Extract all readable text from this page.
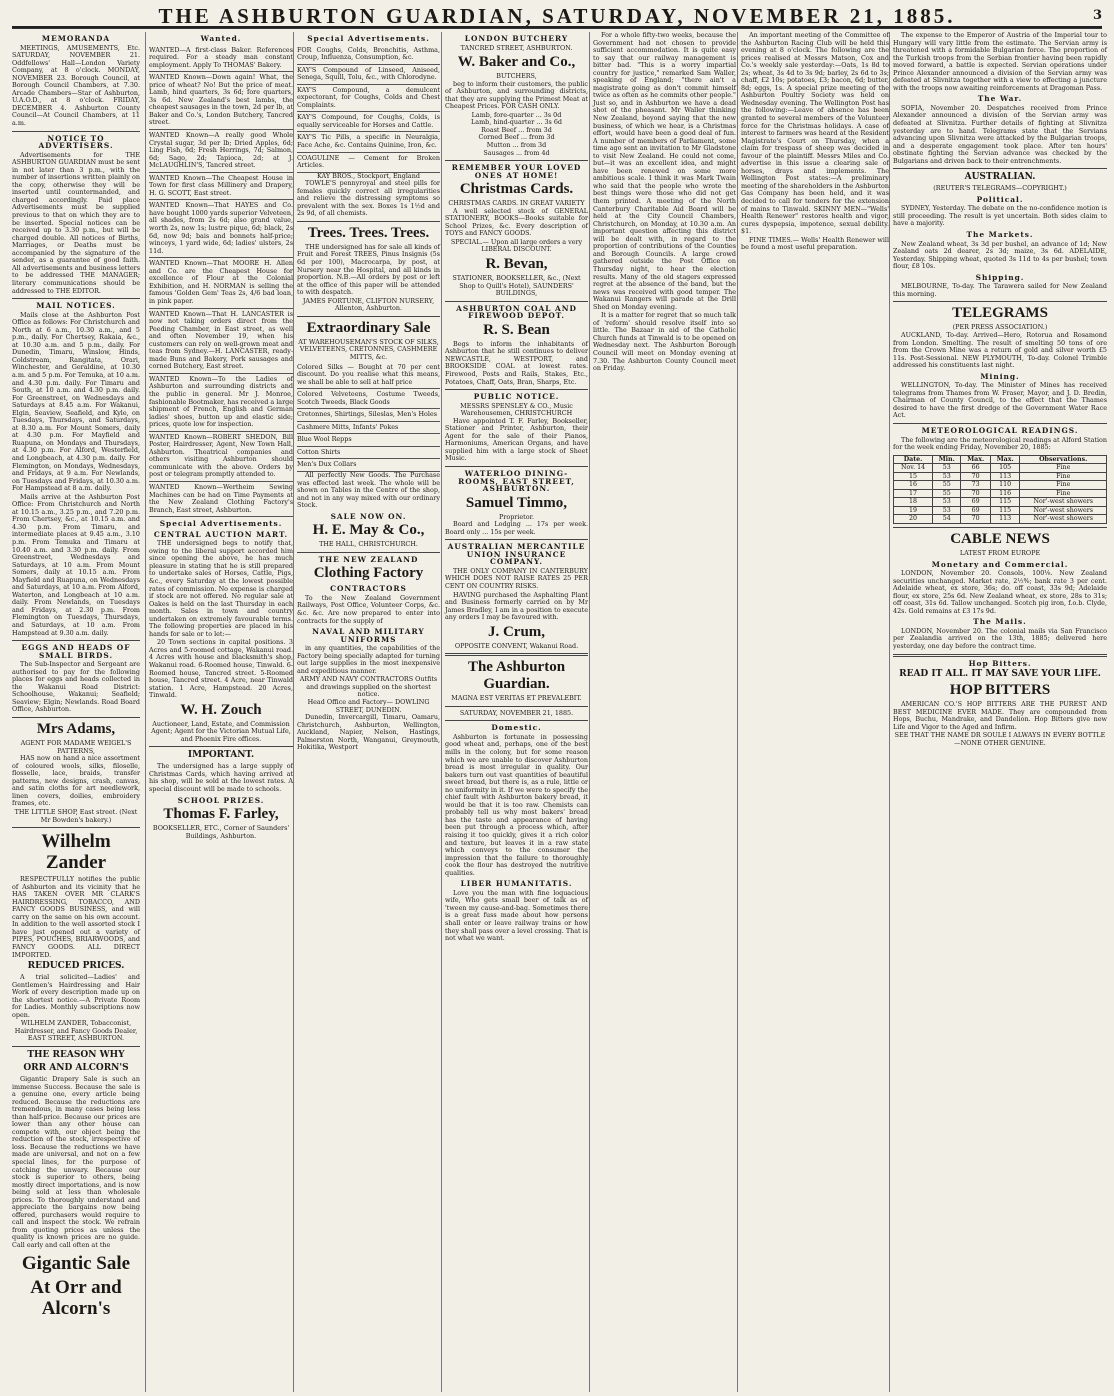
THE ASHBURTON GUARDIAN, SATURDAY, NOVEMBER 21, 1885.	3
MEMORANDA
MEETINGS, AMUSEMENTS, Etc. SATURDAY, NOVEMBER 21. Oddfellows' Hall—London Variety Company, at 8 o'clock. MONDAY, NOVEMBER 23. Borough Council, at Borough Council Chambers, at 7.30. Arcade Chambers—Star of Ashburton, U.A.O.D., at 8 o'clock. FRIDAY, DECEMBER 4. Ashburton County Council—At Council Chambers, at 11 a.m.
NOTICE TO ADVERTISERS.
Advertisements for THE ASHBURTON GUARDIAN must be sent in not later than 3 p.m., with the number of insertions written plainly on the copy, otherwise they will be inserted until countermanded, and charged accordingly. Paid place Advertisements must be supplied previous to that on which they are to be inserted. Special notices can be received up to 3.30 p.m., but will be charged double. All notices of Births, Marriages, or Deaths must be accompanied by the signature of the sender, as a guarantee of good faith. All advertisements and business letters to be addressed THE MANAGER; literary communications should be addressed to THE EDITOR.
MAIL NOTICES.
Mails close at the Ashburton Post Office as follows: For Christchurch and North at 6 a.m., 10.30 a.m., and 5 p.m., daily. For Chertsey, Rakaia, &c., at 10.30 a.m. and 5 p.m., daily. For Dunedin, Timaru, Winslow, Hinds, Coldstream, Rangitata, Orari, Winchester, and Geraldine, at 10.30 a.m. and 5 p.m. For Temuka, at 10 a.m. and 4.30 p.m. daily. For Timaru and South, at 10 a.m. and 4.30 p.m. daily. For Greenstreet, on Wednesdays and Saturdays at 8.45 a.m. For Wakanui, Elgin, Seaview, Seafield, and Kyle, on Tuesdays, Thursdays, and Saturdays, at 8.30 a.m. For Mount Somers, daily at 4.30 p.m. For Mayfield and Ruapuna, on Mondays and Thursdays, at 4.30 p.m. For Alford, Westerfield, and Longbeach, at 4.30 p.m. daily. For Flemington, on Mondays, Wednesdays, and Fridays, at 9 a.m. For Newlands, on Tuesdays and Fridays, at 10.30 a.m. For Hampstead at 8 a.m. daily.
Mails arrive at the Ashburton Post Office: From Christchurch and North at 10.15 a.m., 3.25 p.m., and 7.20 p.m. From Chertsey, &c., at 10.15 a.m. and 4.30 p.m. From Timaru, and intermediate places at 9.45 a.m., 3.10 p.m. From Temuka and Timaru at 10.40 a.m. and 3.30 p.m. daily. From Greenstreet, Wednesdays and Saturdays, at 10 a.m. From Mount Somers, daily at 10.15 a.m. From Mayfield and Ruapuna, on Wednesdays and Saturdays, at 10 a.m. From Alford, Waterton, and Longbeach at 10 a.m. daily. From Newlands, on Tuesdays and Fridays, at 2.30 p.m. From Flemington on Tuesdays, Thursdays, and Saturdays, at 10 a.m. From Hampstead at 9.30 a.m. daily.
EGGS AND HEADS OF SMALL BIRDS.
The Sub-Inspector and Sergeant are authorised to pay for the following places for eggs and heads collected in the Wakanui Road District: Schoolhouse, Wakanui; Seafield; Seaview; Elgin; Newlands. Road Board Office, Ashburton.
Mrs Adams,
AGENT FOR MADAME WEIGEL'S PATTERNS,
HAS now on hand a nice assortment of coloured wools, silks, filoselle, flosselle, lace, braids, transfer patterns, new designs, crash, canvas, and satin cloths for art needlework, linen covers, doilies, embroidery frames, etc.
THE LITTLE SHOP, East street. (Next Mr Bowden's bakery.)
Wilhelm Zander
RESPECTFULLY notifies the public of Ashburton and its vicinity that he HAS TAKEN OVER MR CLARK'S HAIRDRESSING, TOBACCO, AND FANCY GOODS BUSINESS, and will carry on the same on his own account. In addition to the well assorted stock I have just opened out a variety of PIPES, POUCHES, BRIARWOODS, and FANCY GOODS. ALL DIRECT IMPORTED.
REDUCED PRICES.
A trial solicited—Ladies' and Gentlemen's Hairdressing and Hair Work of every description made up on the shortest notice.—A Private Room for Ladies. Monthly subscriptions now open.
WILHELM ZANDER, Tobacconist, Hairdresser, and Fancy Goods Dealer, EAST STREET, ASHBURTON.
THE REASON WHY
ORR AND ALCORN'S
Gigantic Drapery Sale is such an immense Success. Because the sale is a genuine one, every article being reduced. Because the reductions are tremendous, in many cases being less than half-price. Because our prices are lower than any other house can compete with, our object being the reduction of the stock, irrespective of loss. Because the reductions we have made are universal, and not on a few special lines, for the purpose of catching the unwary. Because our stock is superior to others, being mostly direct importations, and is now being sold at less than wholesale prices. To thoroughly understand and appreciate the bargains now being offered, purchasers would require to call and inspect the stock. We refrain from quoting prices as unless the quality is known prices are no guide. Call early and call often at the
Gigantic Sale
At Orr and Alcorn's
Wanted.
WANTED—A first-class Baker. References required. For a steady man constant employment. Apply To THOMAS' Bakery.
WANTED Known—Down again! What, the price of wheat? No! But the price of meat. Lamb, hind quarters, 3s 6d; fore quarters, 3s 6d. New Zealand's best lambs, the cheapest sausages in the town, 2d per lb, at Baker and Co.'s, London Butchery, Tancred street.
WANTED Known—A really good Whole Crystal sugar, 3d per lb; Dried Apples, 6d; Ling Fish, 6d; Fresh Herrings, 7d; Salmon, 6d; Sago, 2d; Tapioca, 2d; at J. McLAUGHLIN'S, Tancred street.
WANTED Known—The Cheapest House in Town for first class Millinery and Drapery, H. G. SCOTT, East street.
WANTED Known—That HAYES and Co. have bought 1000 yards superior Velveteen, all shades, from 2s 6d; also grand value, worth 2s, now 1s; lustre pique, 6d; black, 2s 6d, now 9d; bais and bonnets half-price; winceys, 1 yard wide, 6d; ladies' ulsters, 2s 11d.
WANTED Known—That MOORE H. Allen and Co. are the Cheapest House for excellence of Flour at the Colonial Exhibition, and H. NORMAN is selling the famous 'Golden Gem' Teas 2s, 4/6 bad loan, in pink paper.
WANTED Known—That H. LANCASTER is now not taking orders direct from the Peeding Chamber, in East street, as well and often November 19, when his customers can rely on well-grown meat and teas from Sydney.—H. LANCASTER, ready-made Buns and Bakery, Pork sausages and corned Butchery, East street.
WANTED Known—To the Ladies of Ashburton and surrounding districts and the public in general. Mr J. Monroe, fashionable Bootmaker, has received a large shipment of French, English and German ladies' shoes, button up and elastic side; prices, quote low for inspection.
WANTED Known—ROBERT SHEDON, Bill Poster, Hairdresser, Agent, New Town Hall, Ashburton. Theatrical companies and others visiting Ashburton should communicate with the above. Orders by post or telegram promptly attended to.
WANTED Known—Wertheim Sewing Machines can be had on Time Payments at the New Zealand Clothing Factory's Branch, East street, Ashburton.
Special Advertisements.
CENTRAL AUCTION MART.
THE undersigned begs to notify that, owing to the liberal support accorded him since opening the above, he has much pleasure in stating that he is still prepared to undertake sales of Horses, Cattle, Pigs, &c., every Saturday at the lowest possible rates of commission. No expense is charged if stock are not offered. No regular sale at Oakes is held on the last Thursday in each month. Sales in town and country undertaken on extremely favourable terms. The following properties are placed in his hands for sale or to let:—
20 Town sections in capital positions. 3 Acres and 5-roomed cottage, Wakanui road. 4 Acres with house and blacksmith's shop, Wakanui road. 6-Roomed house, Tinwald. 6-Roomed house, Tancred street. 5-Roomed house, Tancred street. 4 Acre, near Tinwald station. 1 Acre, Hampstead. 20 Acres, Tinwald.
W. H. Zouch
Auctioneer, Land, Estate, and Commission Agent; Agent for the Victorian Mutual Life, and Phoenix Fire offices.
IMPORTANT.
The undersigned has a large supply of Christmas Cards, which having arrived at his shop, will be sold at the lowest rates. A special discount will be made to schools.
SCHOOL PRIZES.
Thomas F. Farley,
BOOKSELLER, ETC., Corner of Saunders' Buildings, Ashburton.
Special Advertisements.
FOR Coughs, Colds, Bronchitis, Asthma, Croup, Influenza, Consumption, &c.
KAY'S Compound of Linseed, Aniseed, Senega, Squill, Tolu, &c., with Chlorodyne.
KAY'S Compound, a demulcent expectorant, for Coughs, Colds and Chest Complaints.
KAY'S Compound, for Coughs, Colds, is equally serviceable for Horses and Cattle.
KAY'S Tic Pills, a specific in Neuralgia, Face Ache, &c. Contains Quinine, Iron, &c.
COAGULINE — Cement for Broken Articles.
KAY BROS., Stockport, England
TOWLE'S pennyroyal and steel pills for females quickly correct all irregularities and relieve the distressing symptoms so prevalent with the sex. Boxes 1s 1½d and 2s 9d, of all chemists.
Trees. Trees. Trees.
THE undersigned has for sale all kinds of Fruit and Forest TREES, Pinus Insignis (5s 6d per 100), Macrocarpa, by post, at Nursery near the Hospital, and all kinds in proportion. N.B.—All orders by post or left at the office of this paper will be attended to with despatch.
JAMES FORTUNE, CLIFTON NURSERY, Allenton, Ashburton.
Extraordinary Sale
AT WAREHOUSEMAN'S STOCK OF SILKS, VELVETEENS, CRETONNES, CASHMERE MITTS, &c.
Colored Silks — Bought at 70 per cent discount. Do you realise what this means, we shall be able to sell at half price
Colored Velveteens, Costume Tweeds, Scotch Tweeds, Black Goods
Cretonnes, Shirtings, Sileslas, Men's Holes
Cashmere Mitts, Infants' Pokes
Blue Wool Repps
Cotton Shirts
Men's Dux Collars
All perfectly New Goods. The Purchase was effected last week. The whole will be shown on Tables in the Centre of the shop, and not in any way mixed with our ordinary Stock.
SALE NOW ON.
H. E. May & Co.,
THE HALL, CHRISTCHURCH.
THE NEW ZEALAND
Clothing Factory
CONTRACTORS
To the New Zealand Government Railways, Post Office, Volunteer Corps, &c. &c. &c. Are now prepared to enter into contracts for the supply of
NAVAL AND MILITARY UNIFORMS
in any quantities, the capabilities of the Factory being specially adapted for turning out large supplies in the most inexpensive and expeditious manner.
ARMY AND NAVY CONTRACTORS Outfits and drawings supplied on the shortest notice.
Head Office and Factory— DOWLING STREET, DUNEDIN.
Dunedin, Invercargill, Timaru, Oamaru, Christchurch, Ashburton, Wellington, Auckland, Napier, Nelson, Hastings, Palmerston North, Wanganui, Greymouth, Hokitika, Westport
LONDON BUTCHERY
TANCRED STREET, ASHBURTON.
W. Baker and Co.,
BUTCHERS,
beg to inform their customers, the public of Ashburton, and surrounding districts, that they are supplying the Primest Meat at Cheapest Prices. FOR CASH ONLY.
Lamb, fore-quarter ... 3s 0d
Lamb, hind-quarter ... 3s 6d
Roast Beef ... from 3d
Corned Beef ... from 3d
Mutton ... from 3d
Sausages ... from 4d
REMEMBER YOUR LOVED ONES AT HOME!
Christmas Cards.
CHRISTMAS CARDS. IN GREAT VARIETY
A well selected stock of GENERAL STATIONERY, BOOKS—Books suitable for School Prizes, &c. Every description of TOYS and FANCY GOODS.
SPECIAL.— Upon all large orders a very LIBERAL DISCOUNT.
R. Bevan,
STATIONER, BOOKSELLER, &c., (Next Shop to Quill's Hotel), SAUNDERS' BUILDINGS,
ASHBURTON COAL AND FIREWOOD DEPOT.
R. S. Bean
Begs to inform the inhabitants of Ashburton that he still continues to deliver NEWCASTLE, WESTPORT, and BROOKSIDE COAL at lowest rates. Firewood, Posts and Rails, Stakes, Etc., Potatoes, Chaff, Oats, Bran, Sharps, Etc.
PUBLIC NOTICE.
MESSRS SPENSLEY & CO., Music Warehousemen, CHRISTCHURCH
Have appointed T. F. Farley, Bookseller, Stationer and Printer, Ashburton, their Agent for the sale of their Pianos, Harmoniums, American Organs, and have supplied him with a large stock of Sheet Music.
WATERLOO DINING-ROOMS, EAST STREET, ASHBURTON.
Samuel Timmo,
Proprietor.
Board and Lodging ... 17s per week. Board only ... 15s per week.
AUSTRALIAN MERCANTILE UNION INSURANCE COMPANY.
THE ONLY COMPANY IN CANTERBURY WHICH DOES NOT RAISE RATES 25 PER CENT ON COUNTRY RISKS.
HAVING purchased the Asphalting Plant and Business formerly carried on by Mr James Bradley, I am in a position to execute any orders I may be favoured with.
J. Crum,
OPPOSITE CONVENT, Wakanui Road.
The Ashburton Guardian.
MAGNA EST VERITAS ET PREVALEBIT.
SATURDAY, NOVEMBER 21, 1885.
Domestic.
Ashburton is fortunate in possessing good wheat and, perhaps, one of the best mills in the colony, but for some reason which we are unable to discover Ashburton bread is most irregular in quality. Our bakers turn out vast quantities of beautiful sweet bread, but there is, as a rule, little or no uniformity in it. If we were to specify the chief fault with Ashburton bakery bread, it would be that it is too raw. Chemists can probably tell us why most bakers' bread has the taste and appearance of having been put through a process which, after raising it too quickly, gives it a rich color and texture, but leaves it in a raw state which conveys to the consumer the impression that the failure to thoroughly cook the flour has destroyed the nutritive qualities.
LIBER HUMANITATIS.
Love you the man with fine loquacious wife, Who gets small beer of talk as of 'tween my cause-and-bag. Sometimes there is a great fuss made about how persons shall enter or leave railway trains or how they shall pass over a level crossing. That is not what we want.
For a whole fifty-two weeks, because the Government had not chosen to provide sufficient accommodation. It is quite easy to say that our railway management is bitter bad. "This is a worry impartial country for justice," remarked Sam Waller, speaking of England; "there ain't a magistrate going as don't commit himself twice as often as he commits other people." Just so, and in Ashburton we have a dead shot of the pheasant. Mr Waller thinking New Zealand, beyond saying that the new business, of which we hear, is a Christmas effort, would have been a good deal of fun. A number of members of Parliament, some time ago sent an invitation to Mr Gladstone to visit New Zealand. He could not come, but—it was an excellent idea, and might have been renewed on some more ambitious scale. I think it was Mark Twain who said that the people who wrote the best things were those who did not get them printed. A meeting of the North Canterbury Charitable Aid Board will be held at the City Council Chambers, Christchurch, on Monday, at 10.30 a.m. An important question affecting this district will be dealt with, in regard to the proportion of contributions of the Counties and Borough Councils. A large crowd gathered outside the Post Office on Thursday night, to hear the election results. Many of the old stagers expressed regret at the absence of the band, but the news was received with good temper. The Wakanui Rangers will parade at the Drill Shed on Monday evening.
It is a matter for regret that so much talk of 'reform' should resolve itself into so little. The Bazaar in aid of the Catholic Church funds at Tinwald is to be opened on Wednesday next. The Ashburton Borough Council will meet on Monday evening at 7.30. The Ashburton County Council meet on Friday.
An important meeting of the Committee of the Ashburton Racing Club will be held this evening at 8 o'clock. The following are the prices realised at Messrs Matson, Cox and Co.'s weekly sale yesterday:—Oats, 1s 8d to 2s; wheat, 3s 4d to 3s 9d; barley, 2s 6d to 3s; chaff, £2 10s; potatoes, £3; bacon, 6d; butter, 8d; eggs, 1s. A special prize meeting of the Ashburton Poultry Society was held on Wednesday evening. The Wellington Post has the following:—Leave of absence has been granted to several members of the Volunteer force for the Christmas holidays. A case of interest to farmers was heard at the Resident Magistrate's Court on Thursday, when a claim for trespass of sheep was decided in favour of the plaintiff. Messrs Miles and Co. advertise in this issue a clearing sale of horses, drays and implements. The Wellington Post states:—A preliminary meeting of the shareholders in the Ashburton Gas Company has been held, and it was decided to call for tenders for the extension of mains to Tinwald. SKINNY MEN—"Wells' Health Renewer" restores health and vigor, cures dyspepsia, impotence, sexual debility. $1.
FINE TIMES.— Wells' Health Renewer will be found a most useful preparation.
The expense to the Emperor of Austria of the Imperial tour to Hungary will vary little from the estimate. The Servian army is threatened with a formidable Bulgarian force. The proportion of the Turkish troops from the Serbian frontier having been rapidly moved forward, a battle is expected. Servian operations under Prince Alexander announced a division of the Servian army was defeated at Slivnitza together with a view to effecting a juncture with the troops now awaiting reinforcements at Dragoman Pass.
The War.
SOFIA, November 20. Despatches received from Prince Alexander announced a division of the Servian army was defeated at Slivnitza. Further details of fighting at Slivnitza yesterday are to hand. Telegrams state that the Servians advancing upon Slivnitza were attacked by the Bulgarian troops, and a desperate engagement took place. After ten hours' obstinate fighting the Servian advance was checked by the Bulgarians and driven back to their entrenchments.
AUSTRALIAN.
(REUTER'S TELEGRAMS—COPYRIGHT.)
Political.
SYDNEY, Yesterday. The debate on the no-confidence motion is still proceeding. The result is yet uncertain. Both sides claim to have a majority.
The Markets.
New Zealand wheat, 3s 3d per bushel, an advance of 1d; New Zealand oats 2d dearer, 2s 3d; maize, 3s 6d. ADELAIDE, Yesterday. Shipping wheat, quoted 3s 11d to 4s per bushel; town flour, £8 10s.
Shipping.
MELBOURNE, To-day. The Tarawera sailed for New Zealand this morning.
TELEGRAMS
(PER PRESS ASSOCIATION.)
AUCKLAND, To-day. Arrived—Hero, Rotorua and Rosamond from London. Smelting. The result of smelting 50 tons of ore from the Crown Mine was a return of gold and silver worth £5 11s. Post-Sessional. NEW PLYMOUTH, To-day. Colonel Trimble addressed his constituents last night.
Mining.
WELLINGTON, To-day. The Minister of Mines has received telegrams from Thames from W. Fraser, Mayor, and J. D. Bredin, Chairman of County Council, to the effect that the Thames desired to have the first dredge of the Government Water Race Act.
METEOROLOGICAL READINGS.
The following are the meteorological readings at Alford Station for the week ending Friday, November 20, 1885:
Date.	Min.	Max.	Max.	Observations.
Nov. 14	53	66	105	Fine
15	53	70	113	Fine
16	55	73	110	Fine
17	55	70	116	Fine
18	53	69	115	Nor'-west showers
19	53	69	115	Nor'-west showers
20	54	70	113	Nor'-west showers
CABLE NEWS
LATEST FROM EUROPE
Monetary and Commercial.
LONDON, November 20. Consols, 100⅛. New Zealand securities unchanged. Market rate, 2½%; bank rate 3 per cent. Adelaide wheat, ex store, 36s; do. off coast, 33s 9d; Adelaide flour, ex store, 25s 6d. New Zealand wheat, ex store, 28s to 31s; off coast, 31s 6d. Tallow unchanged. Scotch pig iron, f.o.b. Clyde, 42s. Gold remains at £3 17s 9d.
The Mails.
LONDON, November 20. The colonial mails via San Francisco per Zealandia arrived on the 13th, 1885; delivered here yesterday, one day before the contract time.
Hop Bitters.
READ IT ALL. IT MAY SAVE YOUR LIFE.
HOP BITTERS
AMERICAN CO.'S HOP BITTERS ARE THE PUREST AND BEST MEDICINE EVER MADE. They are compounded from Hops, Buchu, Mandrake, and Dandelion. Hop Bitters give new Life and Vigor to the Aged and Infirm.
SEE THAT THE NAME DR SOULE I ALWAYS IN EVERY BOTTLE—NONE OTHER GENUINE.
